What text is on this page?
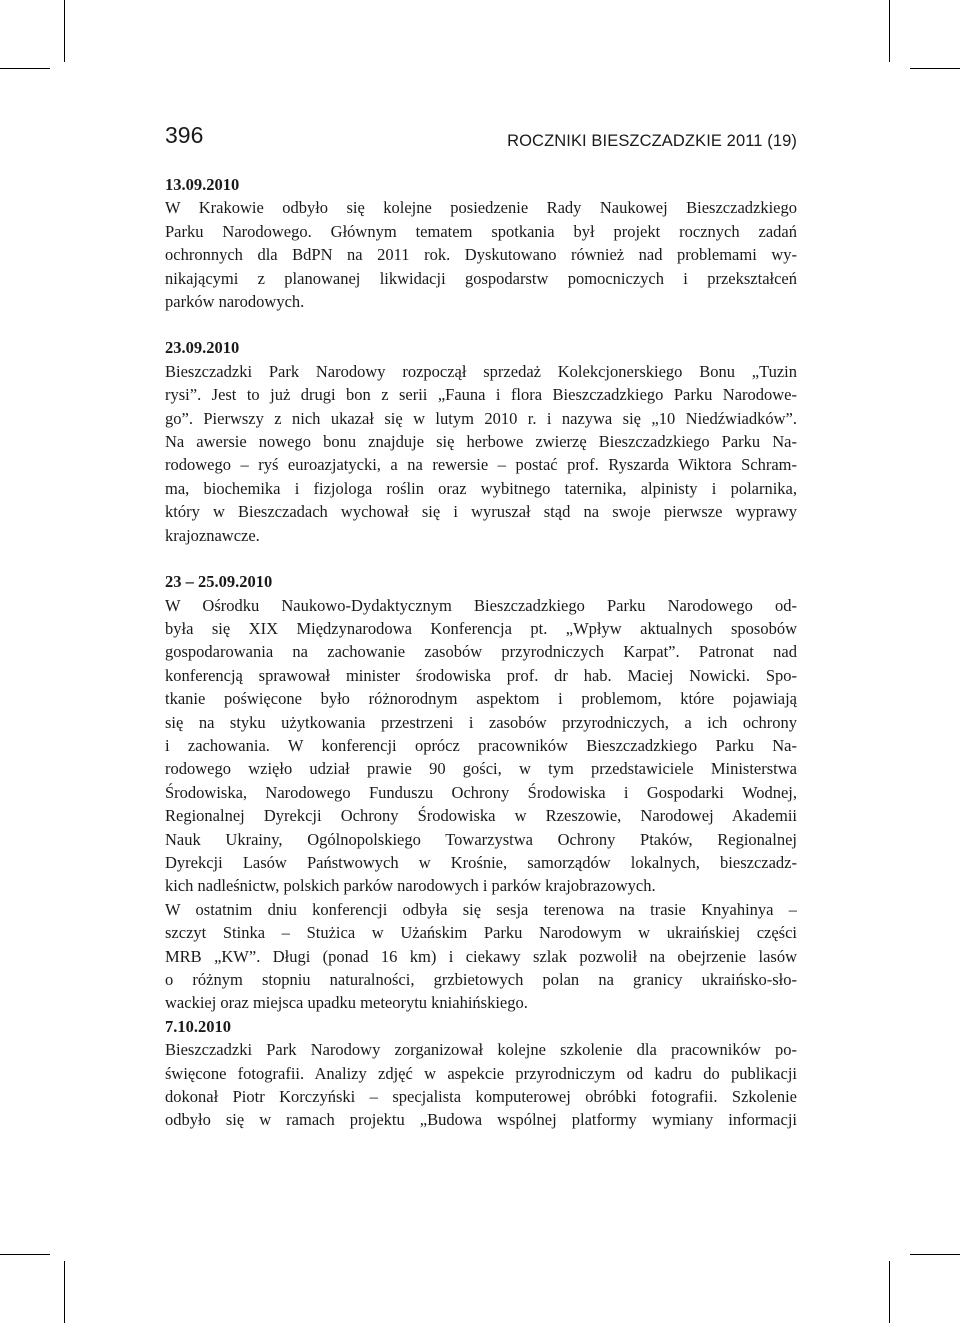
396	ROCZNIKI BIESZCZADZKIE 2011 (19)

13.09.2010

W Krakowie odbyło się kolejne posiedzenie Rady Naukowej Bieszczadzkiego

Parku Narodowego. Głównym tematem spotkania był projekt rocznych zadań

ochronnych dla BdPN na 2011 rok. Dyskutowano również nad problemami wy-

nikającymi z planowanej likwidacji gospodarstw pomocniczych i przekształceń

parków narodowych.

23.09.2010

Bieszczadzki Park Narodowy rozpoczął sprzedaż Kolekcjonerskiego Bonu „Tuzin

rysi”. Jest to już drugi bon z serii „Fauna i flora Bieszczadzkiego Parku Narodowe-

go”. Pierwszy z nich ukazał się w lutym 2010 r. i nazywa się „10 Niedźwiadków”.

Na awersie nowego bonu znajduje się herbowe zwierzę Bieszczadzkiego Parku Na-

rodowego – ryś euroazjatycki, a na rewersie – postać prof. Ryszarda Wiktora Schram-

ma, biochemika i fizjologa roślin oraz wybitnego taternika, alpinisty i polarnika,

który w Bieszczadach wychował się i wyruszał stąd na swoje pierwsze wyprawy

krajoznawcze.

23 – 25.09.2010

W Ośrodku Naukowo-Dydaktycznym Bieszczadzkiego Parku Narodowego od-

była się XIX Międzynarodowa Konferencja pt. „Wpływ aktualnych sposobów

gospodarowania na zachowanie zasobów przyrodniczych Karpat”. Patronat nad

konferencją sprawował minister środowiska prof. dr hab. Maciej Nowicki. Spo-

tkanie poświęcone było różnorodnym aspektom i problemom, które pojawiają

się na styku użytkowania przestrzeni i zasobów przyrodniczych, a ich ochrony

i zachowania. W konferencji oprócz pracowników Bieszczadzkiego Parku Na-

rodowego wzięło udział prawie 90 gości, w tym przedstawiciele Ministerstwa

Środowiska, Narodowego Funduszu Ochrony Środowiska i Gospodarki Wodnej,

Regionalnej Dyrekcji Ochrony Środowiska w Rzeszowie, Narodowej Akademii

Nauk Ukrainy, Ogólnopolskiego Towarzystwa Ochrony Ptaków, Regionalnej

Dyrekcji Lasów Państwowych w Krośnie, samorządów lokalnych, bieszczadz-

kich nadleśnictw, polskich parków narodowych i parków krajobrazowych.

W ostatnim dniu konferencji odbyła się sesja terenowa na trasie Knyahinya –

szczyt Stinka – Stużica w Użańskim Parku Narodowym w ukraińskiej części

MRB „KW”. Długi (ponad 16 km) i ciekawy szlak pozwolił na obejrzenie lasów

o różnym stopniu naturalności, grzbietowych polan na granicy ukraińsko-sło-

wackiej oraz miejsca upadku meteorytu kniahińskiego.

7.10.2010

Bieszczadzki Park Narodowy zorganizował kolejne szkolenie dla pracowników po-

święcone fotografii. Analizy zdjęć w aspekcie przyrodniczym od kadru do publikacji

dokonał Piotr Korczyński – specjalista komputerowej obróbki fotografii. Szkolenie

odbyło się w ramach projektu „Budowa wspólnej platformy wymiany informacji
